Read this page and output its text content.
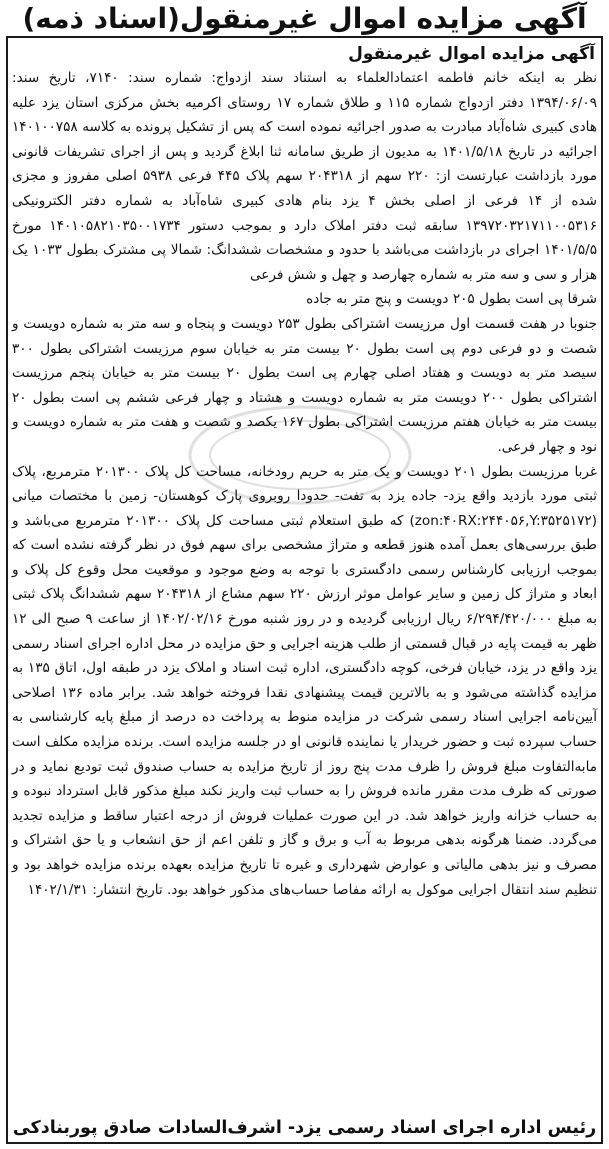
آگهی مزایده اموال غیرمنقول(اسناد ذمه)
آگهی مزایده اموال غیرمنقول

نظر به اینکه خانم فاطمه اعتمادالعلماء به استناد سند ازدواج: شماره سند: ۷۱۴۰، تاریخ سند: ۱۳۹۴/۰۶/۰۹ دفتر ازدواج شماره ۱۱۵ و طلاق شماره ۱۷ روستای اکرمیه بخش مرکزی استان یزد علیه هادی کبیری شاه‌آباد مبادرت به صدور اجرائیه نموده است که پس از تشکیل پرونده به کلاسه ۱۴۰۱۰۰۷۵۸ اجرائیه در تاریخ ۱۴۰۱/۵/۱۸ به مدیون از طریق سامانه ثنا ابلاغ گردید و پس از اجرای تشریفات قانونی مورد بازداشت عبارتست از: ۲۲۰ سهم از ۲۰۴۳۱۸ سهم پلاک ۴۴۵ فرعی ۵۹۳۸ اصلی مفروز و مجزی شده از ۱۴ فرعی از اصلی بخش ۴ یزد بنام هادی کبیری شاه‌آباد به شماره دفتر الکترونیکی ۱۳۹۷۲۰۳۲۱۷۱۱۰۰۵۳۱۶ سابقه ثبت دفتر املاک دارد و بموجب دستور ۱۴۰۱۰۵۸۲۱۰۳۵۰۰۱۷۳۴ مورخ ۱۴۰۱/۵/۵ اجرای در بازداشت می‌باشد با حدود و مشخصات ششدانگ: شمالا پی مشترک بطول ۱۰۳۳ یک هزار و سی و سه متر به شماره چهارصد و چهل و شش فرعی

شرقا پی است بطول ۲۰۵ دویست و پنج متر به جاده

جنوبا در هفت قسمت اول مرزیست اشتراکی بطول ۲۵۳ دویست و پنجاه و سه متر به شماره دویست و شصت و دو فرعی دوم پی است بطول ۲۰ بیست متر به خیابان سوم مرزیست اشتراکی بطول ۳۰۰ سیصد متر به دویست و هفتاد اصلی چهارم پی است بطول ۲۰ بیست متر به خیابان پنجم مرزیست اشتراکی بطول ۲۰۰ دویست متر به شماره دویست و هشتاد و چهار فرعی ششم پی است بطول ۲۰ بیست متر به خیابان هفتم مرزیست اشتراکی بطول ۱۶۷ یکصد و شصت و هفت متر به شماره دویست و نود و چهار فرعی.

غربا مرزیست بطول ۲۰۱ دویست و یک متر به حریم رودخانه، مساحت کل پلاک ۲۰۱۳۰۰ مترمربع، پلاک ثبتی مورد بازدید واقع یزد- جاده یزد به تفت- حدودا روبروی پارک کوهستان- زمین با مختصات میانی (zon:۴۰RX:۲۴۴۰۵۶,Y:۳۵۲۵۱۷۲) که طبق استعلام ثبتی مساحت کل پلاک ۲۰۱۳۰۰ مترمربع می‌باشد و طبق بررسی‌های بعمل آمده هنوز قطعه و متراژ مشخصی برای سهم فوق در نظر گرفته نشده است که بموجب ارزیابی کارشناس رسمی دادگستری با توجه به وضع موجود و موقعیت محل وقوع کل پلاک و ابعاد و متراژ کل زمین و سایر عوامل موثر ارزش ۲۲۰ سهم مشاع از ۲۰۴۳۱۸ سهم ششدانگ پلاک ثبتی به مبلغ ۶/۲۹۴/۴۲۰/۰۰۰ ریال ارزیابی گردیده و در روز شنبه مورخ ۱۴۰۲/۰۲/۱۶ از ساعت ۹ صبح الی ۱۲ ظهر به قیمت پایه در قبال قسمتی از طلب هزینه اجرایی و حق مزایده در محل اداره اجرای اسناد رسمی یزد واقع در یزد، خیابان فرخی، کوچه دادگستری، اداره ثبت اسناد و املاک یزد در طبقه اول، اتاق ۱۳۵ به مزایده گذاشته می‌شود و به بالاترین قیمت پیشنهادی نقدا فروخته خواهد شد. برابر ماده ۱۳۶ اصلاحی آیین‌نامه اجرایی اسناد رسمی شرکت در مزایده منوط به پرداخت ده درصد از مبلغ پایه کارشناسی به حساب سپرده ثبت و حضور خریدار یا نماینده قانونی او در جلسه مزایده است. برنده مزایده مکلف است مابه‌التفاوت مبلغ فروش را ظرف مدت پنج روز از تاریخ مزایده به حساب صندوق ثبت تودیع نماید و در صورتی که ظرف مدت مقرر مانده فروش را به حساب ثبت واریز نکند مبلغ مذکور قابل استرداد نبوده و به حساب خزانه واریز خواهد شد. در این صورت عملیات فروش از درجه اعتبار ساقط و مزایده تجدید می‌گردد. ضمنا هرگونه بدهی مربوط به آب و برق و گاز و تلفن اعم از حق انشعاب و یا حق اشتراک و مصرف و نیز بدهی مالیاتی و عوارض شهرداری و غیره تا تاریخ مزایده بعهده برنده مزایده خواهد بود و تنظیم سند انتقال اجرایی موکول به ارائه مفاصا حساب‌های مذکور خواهد بود. تاریخ انتشار: ۱۴۰۲/۱/۳۱

رئیس اداره اجرای اسناد رسمی یزد- اشرف‌السادات صادق پوربنادکی
